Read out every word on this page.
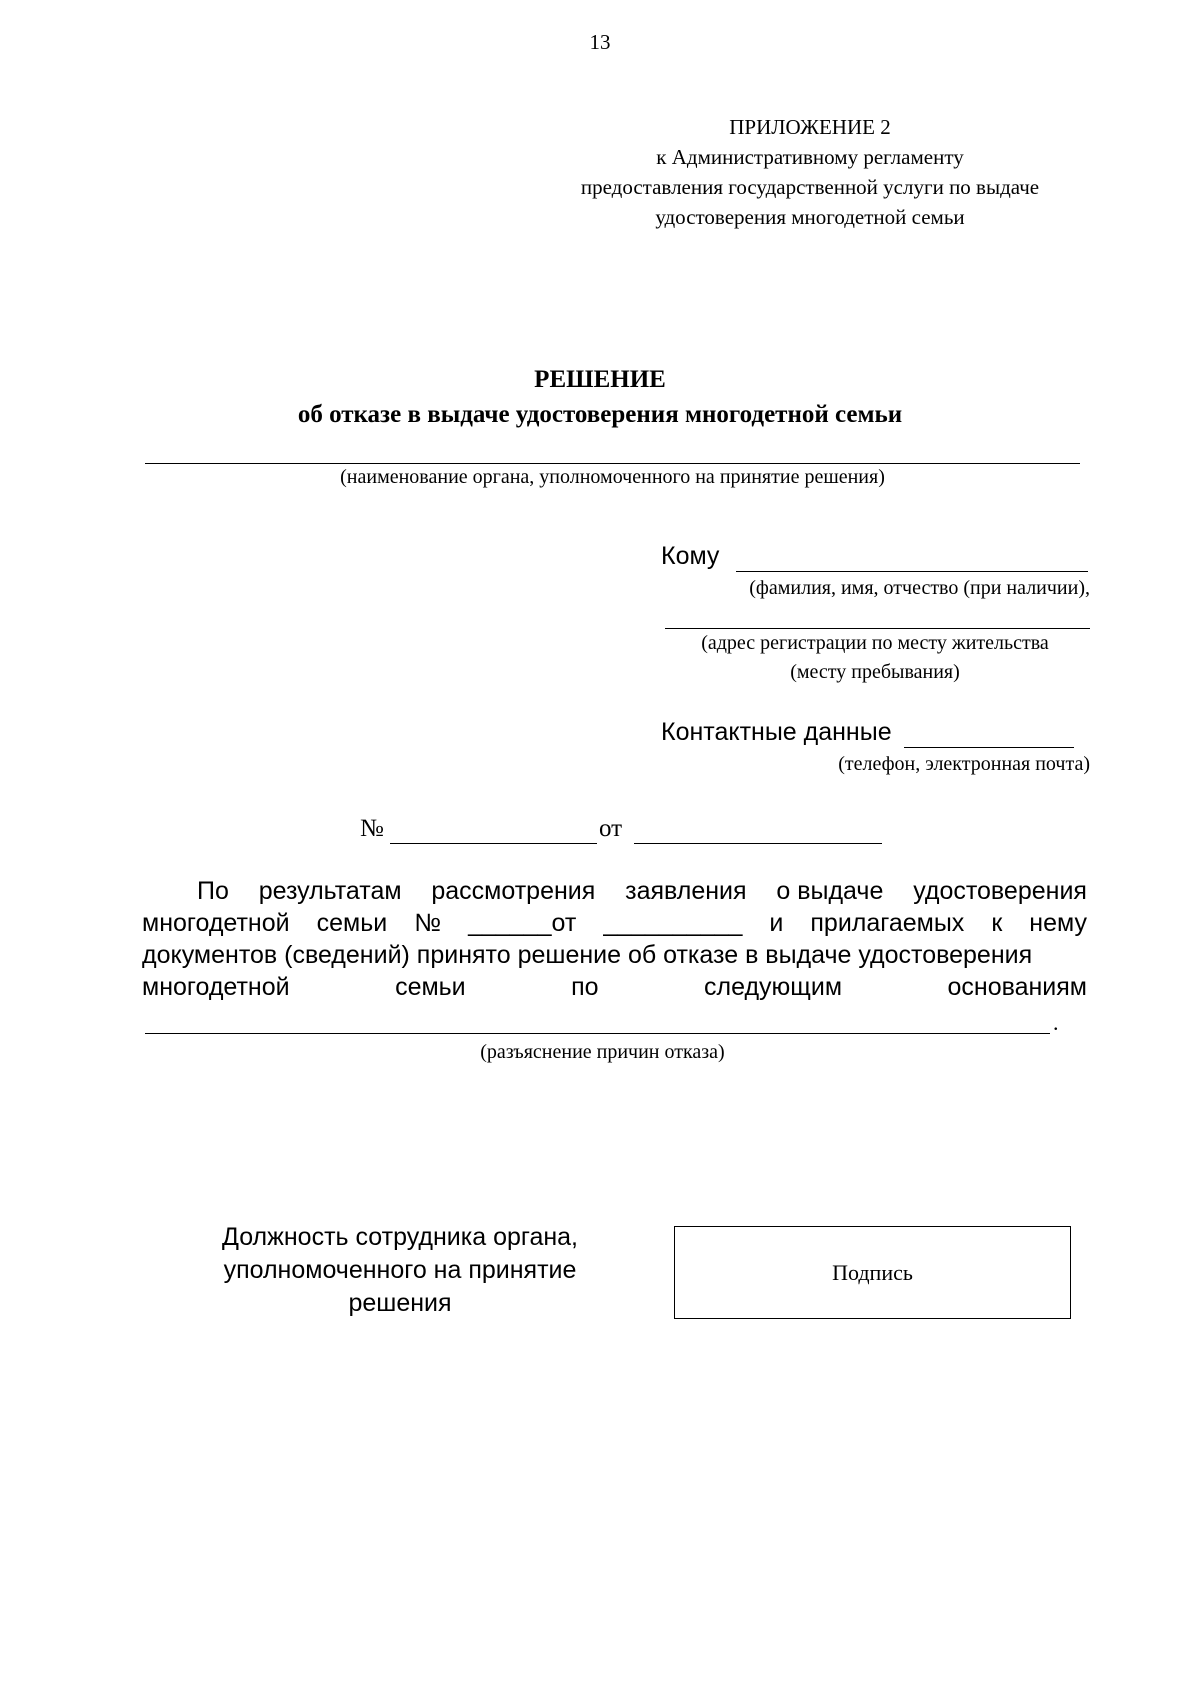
13
ПРИЛОЖЕНИЕ 2
к Административному регламенту
предоставления государственной услуги по выдаче
удостоверения многодетной семьи
РЕШЕНИЕ
об отказе в выдаче удостоверения многодетной семьи
(наименование органа, уполномоченного на принятие решения)
Кому
(фамилия, имя, отчество (при наличии),
(адрес регистрации по месту жительства
(месту пребывания)
Контактные данные
(телефон, электронная почта)
№	от
По результатам рассмотрения заявления о выдаче удостоверения
многодетной семьи № ______от __________ и прилагаемых к нему
документов (сведений) принято решение об отказе в выдаче удостоверения
многодетной	семьи	по	следующим	основаниям
.
(разъяснение причин отказа)
Должность сотрудника органа,
уполномоченного на принятие
решения
Подпись
